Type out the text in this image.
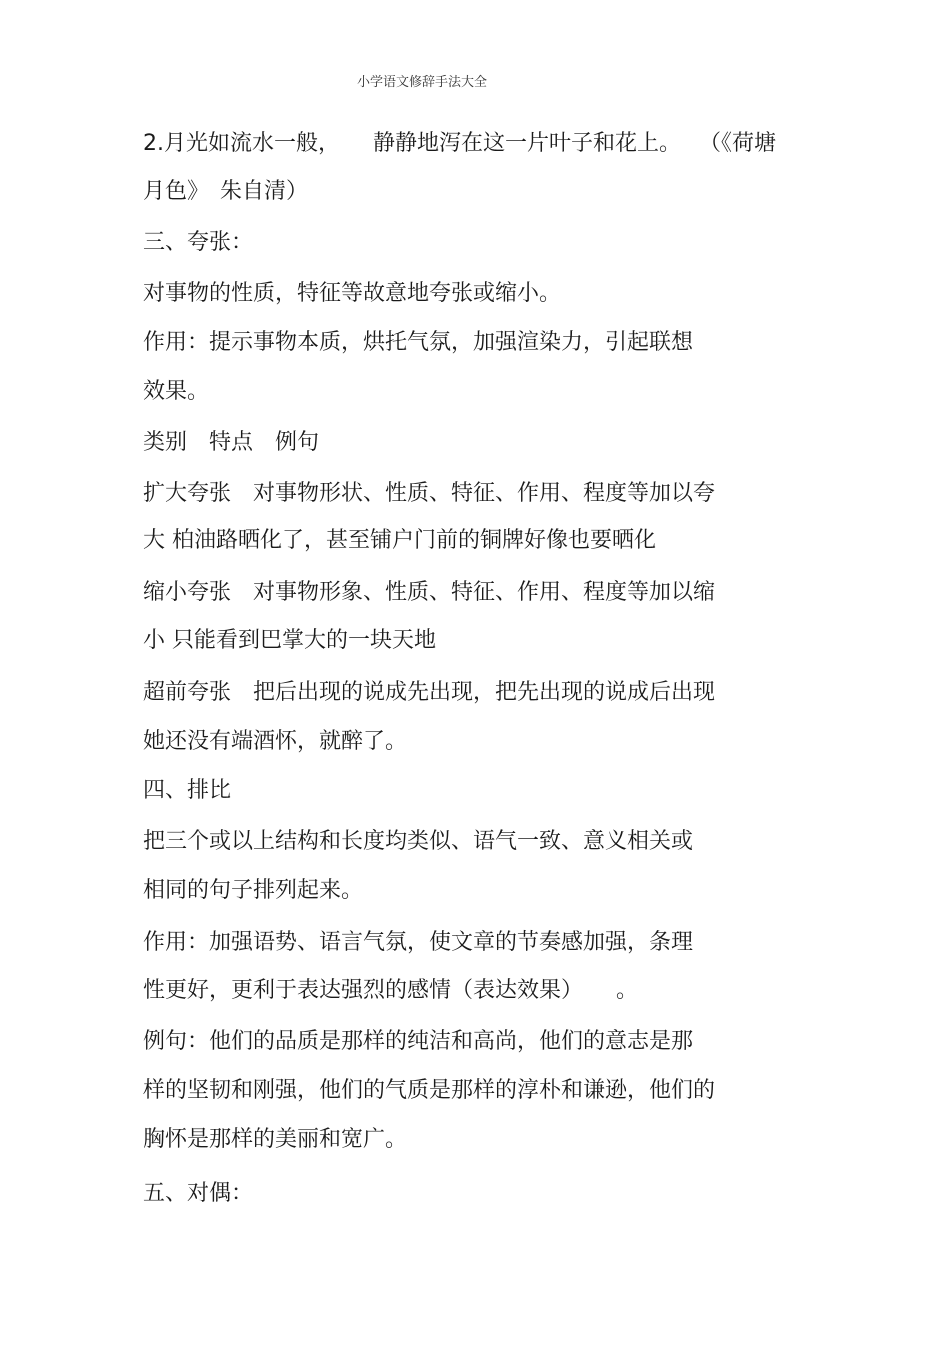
小学语文修辞手法大全
2.月光如流水一般，　　静静地泻在这一片叶子和花上。　 （《荷塘
月色》　朱自清）
三、夸张：
对事物的性质，特征等故意地夸张或缩小。
作用：提示事物本质，烘托气氛，加强渲染力，引起联想
效果。
类别　特点　例句
扩大夸张　对事物形状、性质、特征、作用、程度等加以夸
大 柏油路晒化了，甚至铺户门前的铜牌好像也要晒化
缩小夸张　对事物形象、性质、特征、作用、程度等加以缩
小 只能看到巴掌大的一块天地
超前夸张　把后出现的说成先出现，把先出现的说成后出现
她还没有端酒怀，就醉了。
四、排比
把三个或以上结构和长度均类似、语气一致、意义相关或
相同的句子排列起来。
作用：加强语势、语言气氛，使文章的节奏感加强，条理
性更好，更利于表达强烈的感情（表达效果）　　。
例句：他们的品质是那样的纯洁和高尚，他们的意志是那
样的坚韧和刚强，他们的气质是那样的淳朴和谦逊，他们的
胸怀是那样的美丽和宽广。
五、对偶：
